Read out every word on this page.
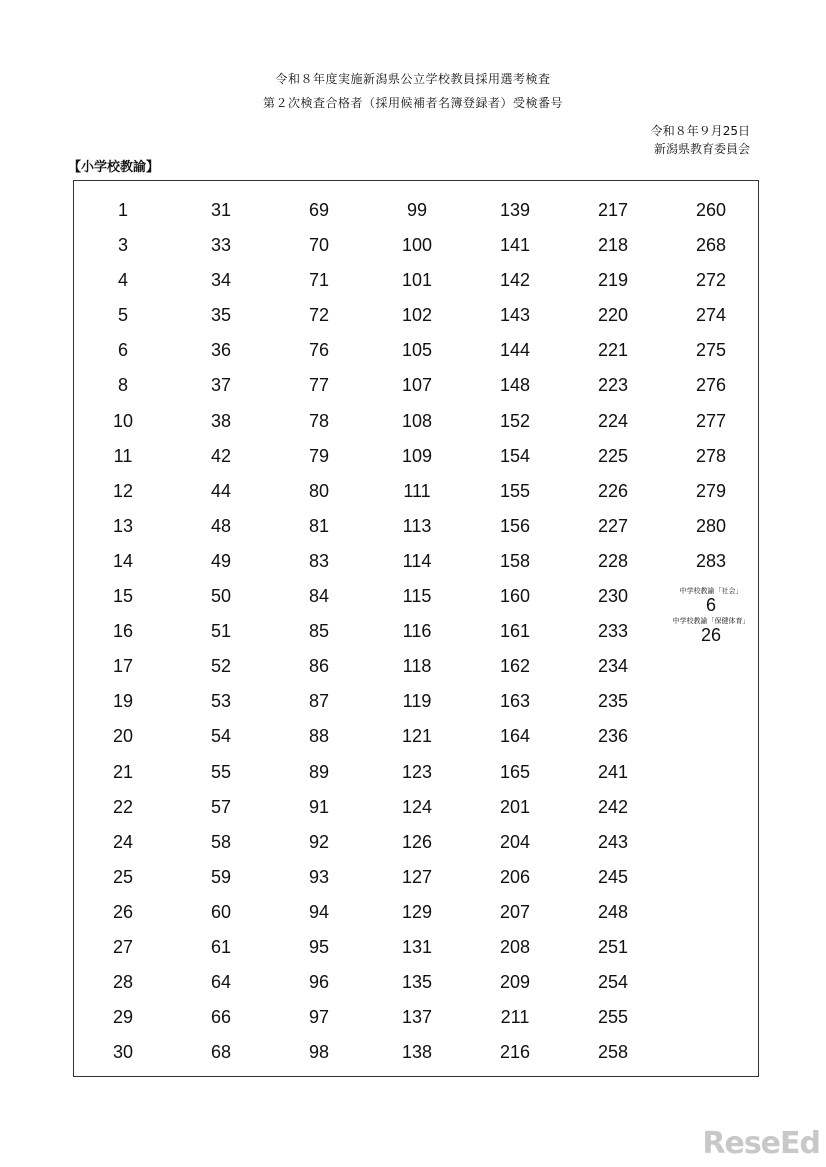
令和８年度実施新潟県公立学校教員採用選考検査
第２次検査合格者（採用候補者名簿登録者）受検番号
令和８年９月25日
新潟県教育委員会
【小学校教諭】
1
3
4
5
6
8
10
11
12
13
14
15
16
17
19
20
21
22
24
25
26
27
28
29
30
31
33
34
35
36
37
38
42
44
48
49
50
51
52
53
54
55
57
58
59
60
61
64
66
68
69
70
71
72
76
77
78
79
80
81
83
84
85
86
87
88
89
91
92
93
94
95
96
97
98
99
100
101
102
105
107
108
109
111
113
114
115
116
118
119
121
123
124
126
127
129
131
135
137
138
139
141
142
143
144
148
152
154
155
156
158
160
161
162
163
164
165
201
204
206
207
208
209
211
216
217
218
219
220
221
223
224
225
226
227
228
230
233
234
235
236
241
242
243
245
248
251
254
255
258
260
268
272
274
275
276
277
278
279
280
283
中学校教諭「社会」
6
中学校教諭「保健体育」
26
ReseEd
